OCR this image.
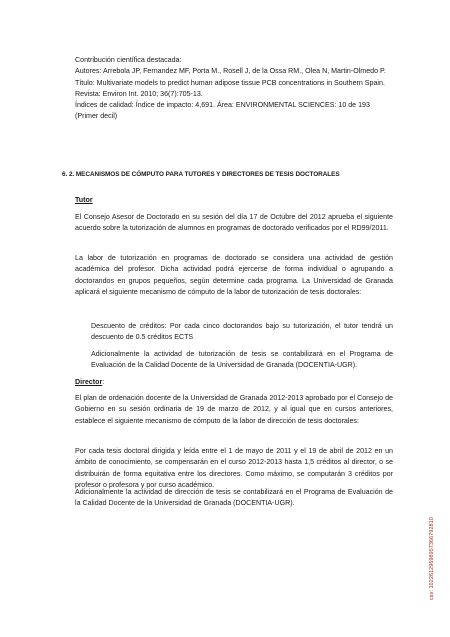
Contribución científica destacada:
Autores: Arrebola JP, Fernandez MF, Porta M., Rosell J, de la Ossa RM., Olea N, Martin-Olmedo P.
Título: Multivariate models to predict human adipose tissue PCB concentrations in Southern Spain.
Revista: Environ Int. 2010; 36(7):705-13.
Índices de calidad: Índice de impacto: 4,691. Área: ENVIRONMENTAL SCIENCES: 10 de 193
(Primer decil)
6. 2. MECANISMOS DE CÓMPUTO PARA TUTORES Y DIRECTORES DE TESIS DOCTORALES
Tutor

El Consejo Asesor de Doctorado en su sesión del día 17 de Octubre del 2012 aprueba el siguiente acuerdo sobre la tutorización de alumnos en programas de doctorado verificados por el RD99/2011.

La labor de tutorización en programas de doctorado se considera una actividad de gestión académica del profesor. Dicha actividad podrá ejercerse de forma individual o agrupando a doctorandos en grupos pequeños, según determine cada programa. La Universidad de Granada aplicará el siguiente mecanismo de cómputo de la labor de tutorización de tesis doctorales:

Descuento de créditos: Por cada cinco doctorandos bajo su tutorización, el tutor tendrá un descuento de 0.5 créditos ECTS

Adicionalmente la actividad de tutorización de tesis se contabilizará en el Programa de Evaluación de la Calidad Docente de la Universidad de Granada (DOCENTIA-UGR).

Director:

El plan de ordenación docente de la Universidad de Granada 2012-2013 aprobado por el Consejo de Gobierno en su sesión ordinaria de 19 de marzo de 2012, y al igual que en cursos anteriores, establece el siguiente mecanismo de cómputo de la labor de dirección de tesis doctorales:

Por cada tesis doctoral dirigida y leída entre el 1 de mayo de 2011 y el 19 de abril de 2012 en un ámbito de conocimiento, se compensarán en el curso 2012-2013 hasta 1,5 créditos al director, o se distribuirán de forma equitativa entre los directores. Como máximo, se computarán 3 créditos por profesor o profesora y por curso académico.

Adicionalmente la actividad de dirección de tesis se contabilizará en el Programa de Evaluación de la Calidad Docente de la Universidad de Granada (DOCENTIA-UGR).

csv: 10226129698957366792810
